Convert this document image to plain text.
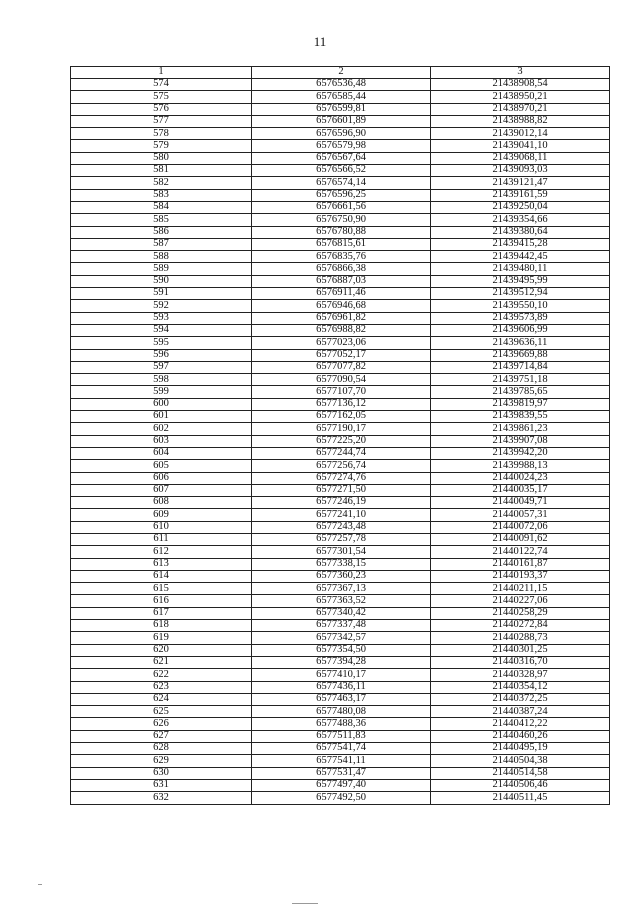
11
1	2	3
574	6576536,48	21438908,54
575	6576585,44	21438950,21
576	6576599,81	21438970,21
577	6576601,89	21438988,82
578	6576596,90	21439012,14
579	6576579,98	21439041,10
580	6576567,64	21439068,11
581	6576566,52	21439093,03
582	6576574,14	21439121,47
583	6576596,25	21439161,59
584	6576661,56	21439250,04
585	6576750,90	21439354,66
586	6576780,88	21439380,64
587	6576815,61	21439415,28
588	6576835,76	21439442,45
589	6576866,38	21439480,11
590	6576887,03	21439495,99
591	6576911,46	21439512,94
592	6576946,68	21439550,10
593	6576961,82	21439573,89
594	6576988,82	21439606,99
595	6577023,06	21439636,11
596	6577052,17	21439669,88
597	6577077,82	21439714,84
598	6577090,54	21439751,18
599	6577107,70	21439785,65
600	6577136,12	21439819,97
601	6577162,05	21439839,55
602	6577190,17	21439861,23
603	6577225,20	21439907,08
604	6577244,74	21439942,20
605	6577256,74	21439988,13
606	6577274,76	21440024,23
607	6577271,50	21440035,17
608	6577246,19	21440049,71
609	6577241,10	21440057,31
610	6577243,48	21440072,06
611	6577257,78	21440091,62
612	6577301,54	21440122,74
613	6577338,15	21440161,87
614	6577360,23	21440193,37
615	6577367,13	21440211,15
616	6577363,52	21440227,06
617	6577340,42	21440258,29
618	6577337,48	21440272,84
619	6577342,57	21440288,73
620	6577354,50	21440301,25
621	6577394,28	21440316,70
622	6577410,17	21440328,97
623	6577436,11	21440354,12
624	6577463,17	21440372,25
625	6577480,08	21440387,24
626	6577488,36	21440412,22
627	6577511,83	21440460,26
628	6577541,74	21440495,19
629	6577541,11	21440504,38
630	6577531,47	21440514,58
631	6577497,40	21440506,46
632	6577492,50	21440511,45
